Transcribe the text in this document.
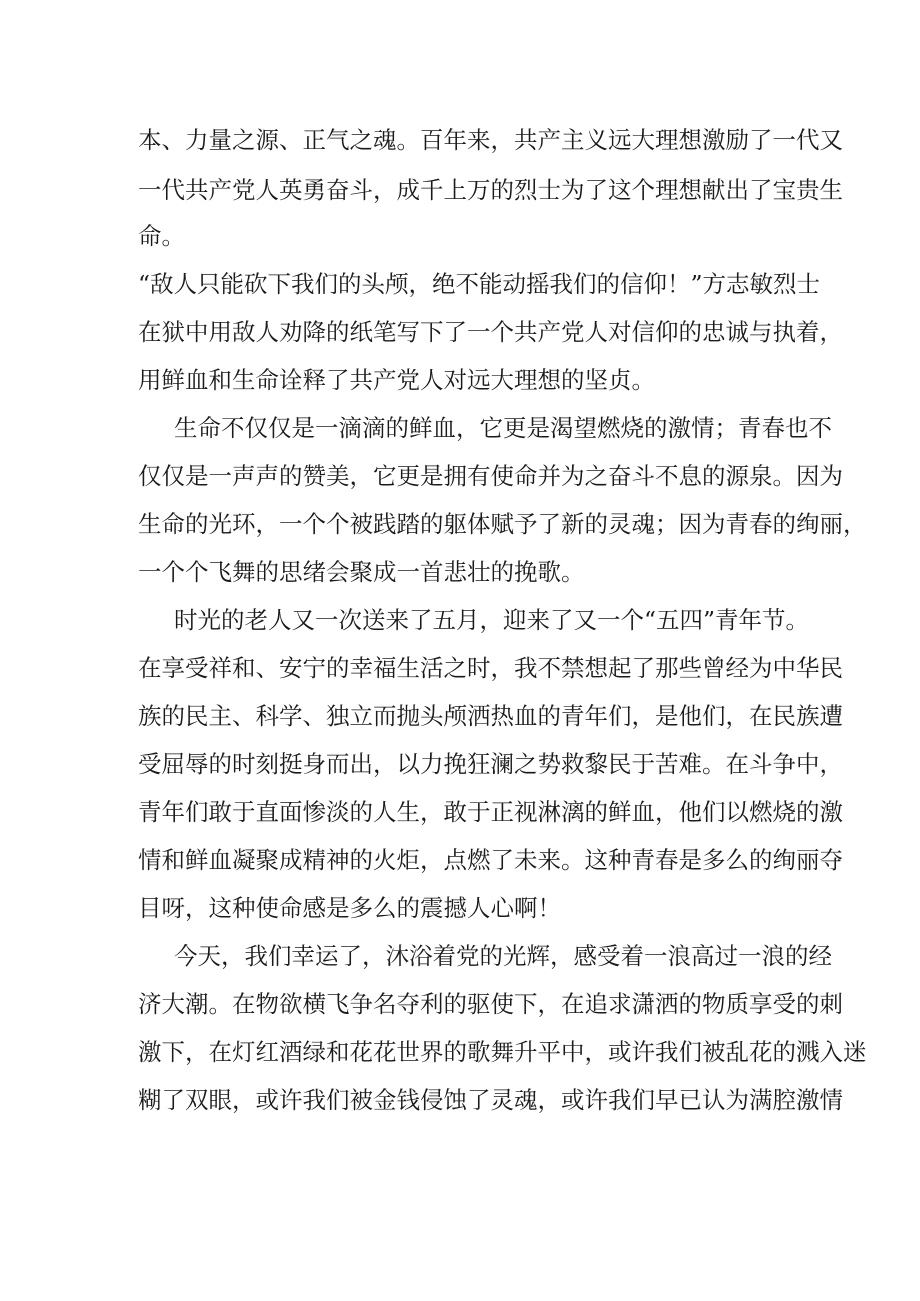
本、力量之源、正气之魂。百年来，共产主义远大理想激励了一代又
一代共产党人英勇奋斗，成千上万的烈士为了这个理想献出了宝贵生
命。
“敌人只能砍下我们的头颅，绝不能动摇我们的信仰！”方志敏烈士
在狱中用敌人劝降的纸笔写下了一个共产党人对信仰的忠诚与执着，
用鲜血和生命诠释了共产党人对远大理想的坚贞。
生命不仅仅是一滴滴的鲜血，它更是渴望燃烧的激情；青春也不
仅仅是一声声的赞美，它更是拥有使命并为之奋斗不息的源泉。因为
生命的光环，一个个被践踏的躯体赋予了新的灵魂；因为青春的绚丽，
一个个飞舞的思绪会聚成一首悲壮的挽歌。
时光的老人又一次送来了五月，迎来了又一个“五四”青年节。
在享受祥和、安宁的幸福生活之时，我不禁想起了那些曾经为中华民
族的民主、科学、独立而抛头颅洒热血的青年们，是他们，在民族遭
受屈辱的时刻挺身而出，以力挽狂澜之势救黎民于苦难。在斗争中，
青年们敢于直面惨淡的人生，敢于正视淋漓的鲜血，他们以燃烧的激
情和鲜血凝聚成精神的火炬，点燃了未来。这种青春是多么的绚丽夺
目呀，这种使命感是多么的震撼人心啊！
今天，我们幸运了，沐浴着党的光辉，感受着一浪高过一浪的经
济大潮。在物欲横飞争名夺利的驱使下，在追求潇洒的物质享受的刺
激下，在灯红酒绿和花花世界的歌舞升平中，或许我们被乱花的溅入迷
糊了双眼，或许我们被金钱侵蚀了灵魂，或许我们早已认为满腔激情
